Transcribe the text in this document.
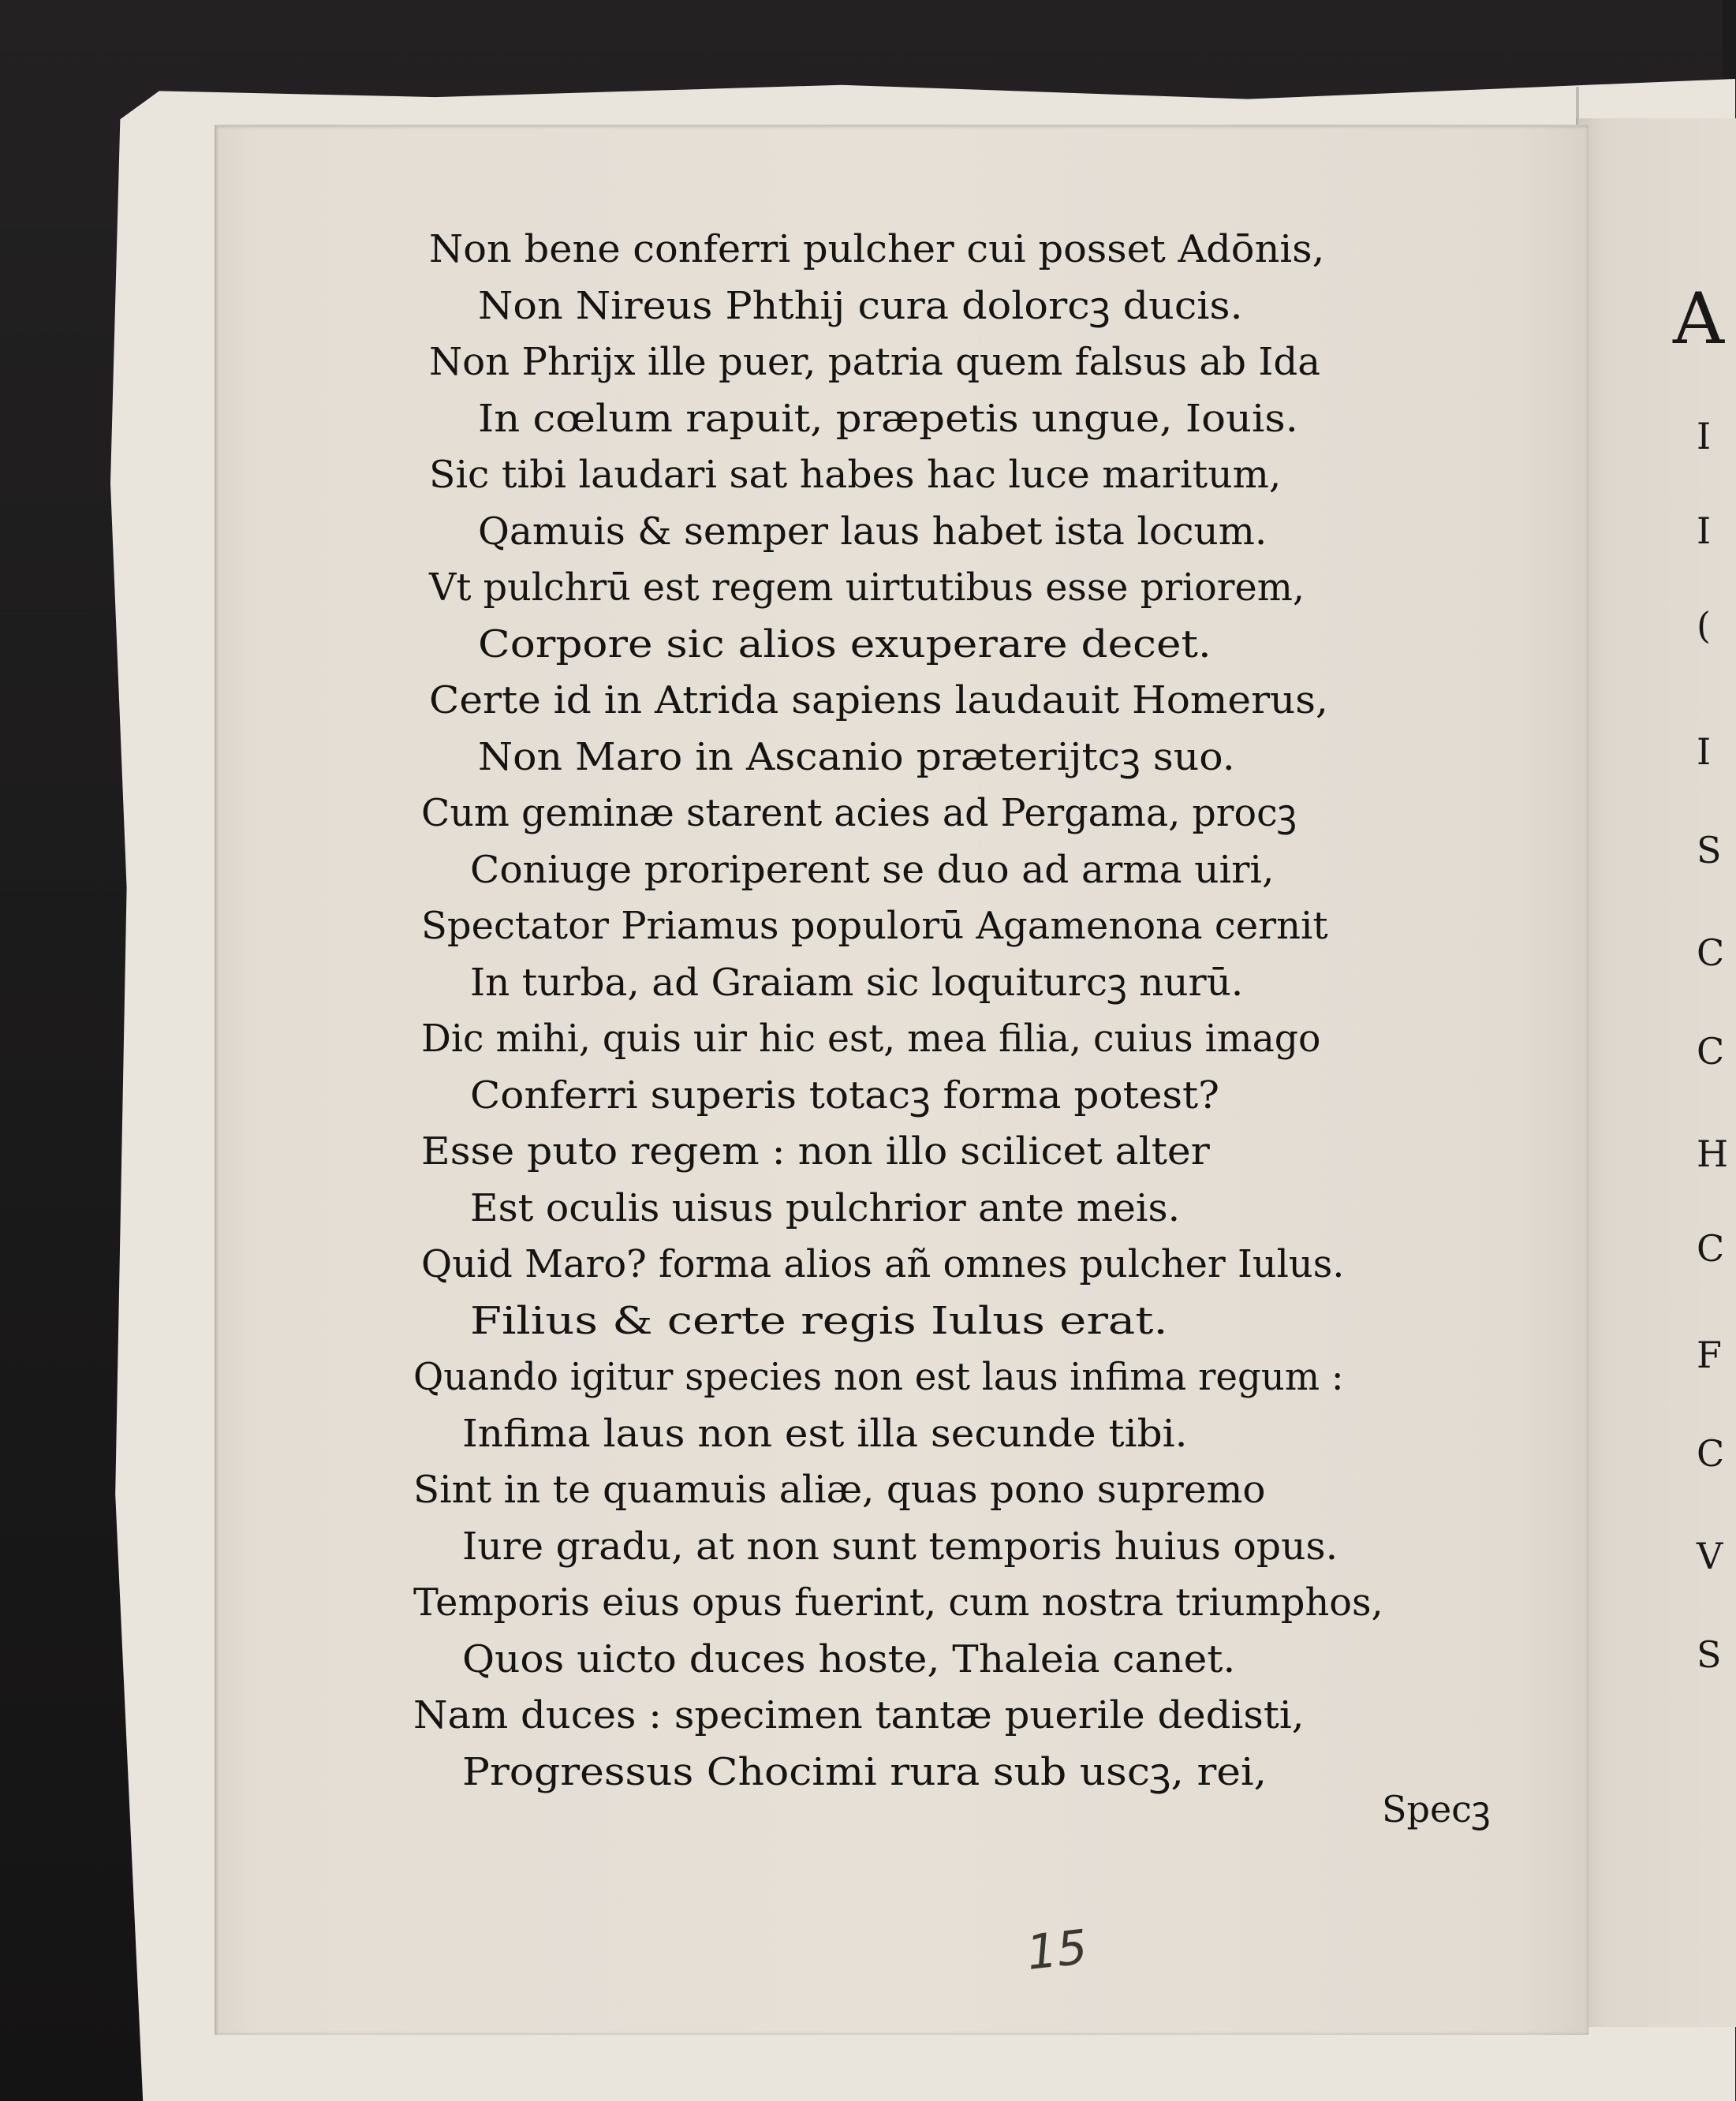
A
I
I
(
I
S
C
C
H
C
F
C
V
S
Non bene conferri pulcher cui posset Adōnis,
Non Nireus Phthij cura dolorcꝫ ducis.
Non Phrijx ille puer, patria quem falsus ab Ida
In cœlum rapuit, præpetis ungue, Iouis.
Sic tibi laudari sat habes hac luce maritum,
Qamuis & semper laus habet ista locum.
Vt pulchrū est regem uirtutibus esse priorem,
Corpore sic alios exuperare decet.
Certe id in Atrida sapiens laudauit Homerus,
Non Maro in Ascanio præterijtcꝫ suo.
Cum geminæ starent acies ad Pergama, procꝫ
Coniuge proriperent se duo ad arma uiri,
Spectator Priamus populorū Agamenona cernit
In turba, ad Graiam sic loquiturcꝫ nurū.
Dic mihi, quis uir hic est, mea filia, cuius imago
Conferri superis totacꝫ forma potest?
Esse puto regem : non illo scilicet alter
Est oculis uisus pulchrior ante meis.
Quid Maro? forma alios añ omnes pulcher Iulus.
Filius & certe regis Iulus erat.
Quando igitur species non est laus infima regum :
Infima laus non est illa secunde tibi.
Sint in te quamuis aliæ, quas pono supremo
Iure gradu, at non sunt temporis huius opus.
Temporis eius opus fuerint, cum nostra triumphos,
Quos uicto duces hoste, Thaleia canet.
Nam duces : specimen tantæ puerile dedisti,
Progressus Chocimi rura sub uscꝫ, rei,
Specꝫ
15
